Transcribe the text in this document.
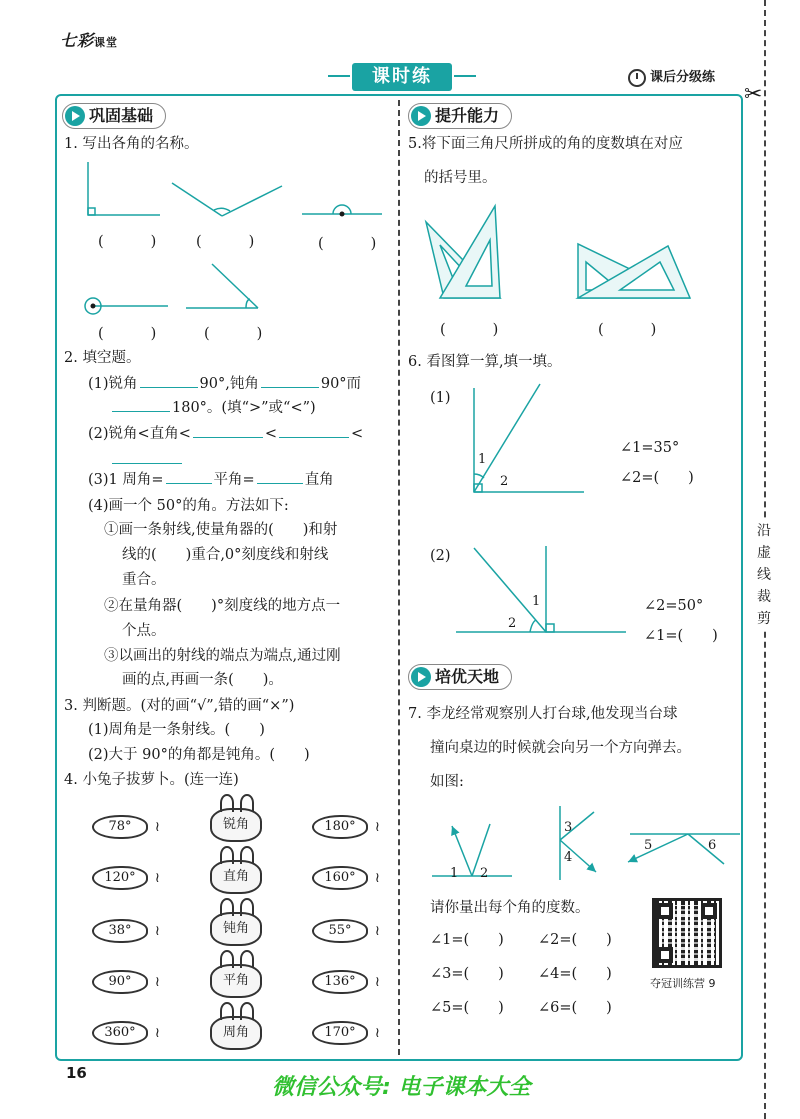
七彩课堂
课时练	课后分级练
✂
沿
虚
线
裁
剪
巩固基础
1. 写出各角的名称。
(　　) (　　)	(　　)
(　　)	(　　)
2. 填空题。
(1)锐角	90°,钝角	90°而
180°。(填“>”或“<”)
(2)锐角<直角<	<	<
(3)1 周角=	平角=	直角
(4)画一个 50°的角。方法如下:
①画一条射线,使量角器的(　　)和射
线的(　　)重合,0°刻度线和射线
重合。
②在量角器(　　)°刻度线的地方点一
个点。
③以画出的射线的端点为端点,通过刚
画的点,再画一条(　　)。
3. 判断题。(对的画“√”,错的画“×”)
(1)周角是一条射线。(　　)
(2)大于 90°的角都是钝角。(　　)
4. 小兔子拔萝卜。(连一连)
78° ≀
120° ≀
38° ≀
90° ≀
360° ≀
锐角
直角
钝角
平角
周角
180° ≀
160° ≀
55° ≀
136° ≀
170° ≀
提升能力
5.将下面三角尺所拼成的角的度数填在对应
的括号里。
(　　)	(　　)
6. 看图算一算,填一填。
(1)
(2)
1
2
1
2
∠1=35°
∠2=(　　)
∠2=50°
∠1=(　　)
培优天地
7. 李龙经常观察别人打台球,他发现当台球
撞向桌边的时候就会向另一个方向弹去。
如图:
1 2
3
4
5	6
请你量出每个角的度数。
∠1=(　　) ∠2=(　　)
∠3=(　　) ∠4=(　　)
∠5=(　　) ∠6=(　　)
夺冠训练营 9
16
微信公众号: 电子课本大全
